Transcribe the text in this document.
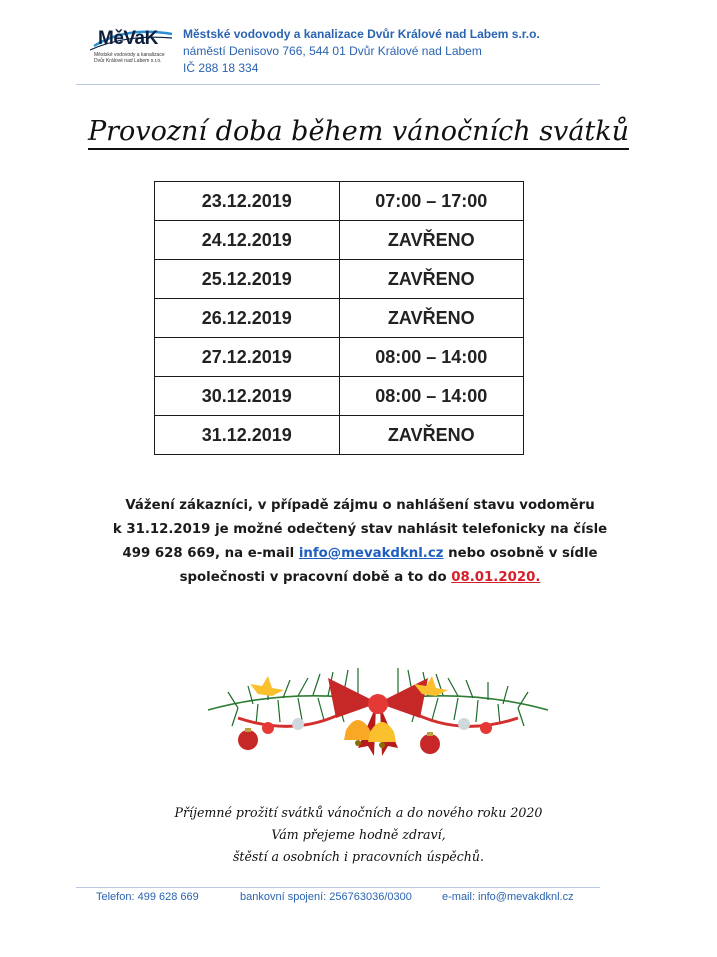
MěVaK
Městské vodovody a kanalizace Dvůr Králové nad Labem s.r.o.
Městské vodovody a kanalizace Dvůr Králové nad Labem s.r.o.
náměstí Denisovo 766, 544 01 Dvůr Králové nad Labem
IČ 288 18 334
Provozní doba během vánočních svátků
23.12.2019	07:00 – 17:00
24.12.2019	ZAVŘENO
25.12.2019	ZAVŘENO
26.12.2019	ZAVŘENO
27.12.2019	08:00 – 14:00
30.12.2019	08:00 – 14:00
31.12.2019	ZAVŘENO
Vážení zákazníci, v případě zájmu o nahlášení stavu vodoměru
k 31.12.2019 je možné odečtený stav nahlásit telefonicky na čísle
499 628 669, na e-mail info@mevakdknl.cz nebo osobně v sídle
společnosti v pracovní době a to do 08.01.2020.
Příjemné prožití svátků vánočních a do nového roku 2020
Vám přejeme hodně zdraví,
štěstí a osobních i pracovních úspěchů.
Telefon: 499 628 669	bankovní spojení: 256763036/0300	e-mail: info@mevakdknl.cz
